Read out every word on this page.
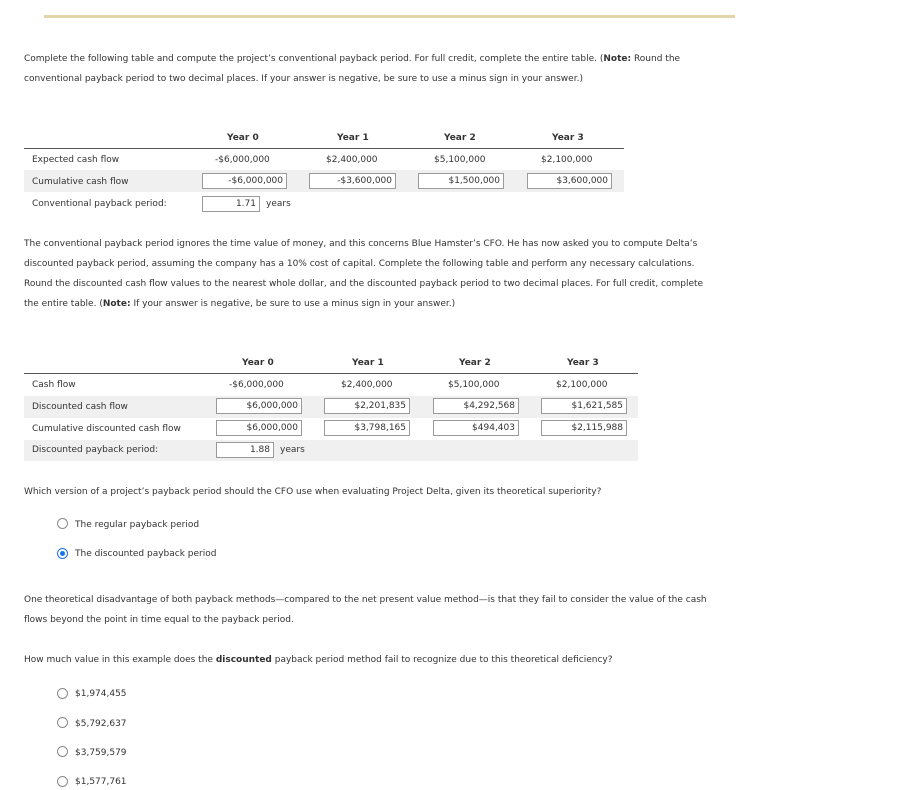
Complete the following table and compute the project’s conventional payback period. For full credit, complete the entire table. (Note: Round the
conventional payback period to two decimal places. If your answer is negative, be sure to use a minus sign in your answer.)
Year 0	Year 1	Year 2	Year 3
Expected cash flow	-$6,000,000	$2,400,000	$5,100,000	$2,100,000
Cumulative cash flow	-$6,000,000	-$3,600,000	$1,500,000	$3,600,000
Conventional payback period:	1.71	years
The conventional payback period ignores the time value of money, and this concerns Blue Hamster’s CFO. He has now asked you to compute Delta’s
discounted payback period, assuming the company has a 10% cost of capital. Complete the following table and perform any necessary calculations.
Round the discounted cash flow values to the nearest whole dollar, and the discounted payback period to two decimal places. For full credit, complete
the entire table. (Note: If your answer is negative, be sure to use a minus sign in your answer.)
Year 0	Year 1	Year 2	Year 3
Cash flow	-$6,000,000	$2,400,000	$5,100,000	$2,100,000
Discounted cash flow	$6,000,000	$2,201,835	$4,292,568	$1,621,585
Cumulative discounted cash flow	$6,000,000	$3,798,165	$494,403	$2,115,988
Discounted payback period:	1.88	years
Which version of a project’s payback period should the CFO use when evaluating Project Delta, given its theoretical superiority?
The regular payback period
The discounted payback period
One theoretical disadvantage of both payback methods—compared to the net present value method—is that they fail to consider the value of the cash
flows beyond the point in time equal to the payback period.
How much value in this example does the discounted payback period method fail to recognize due to this theoretical deficiency?
$1,974,455
$5,792,637
$3,759,579
$1,577,761
